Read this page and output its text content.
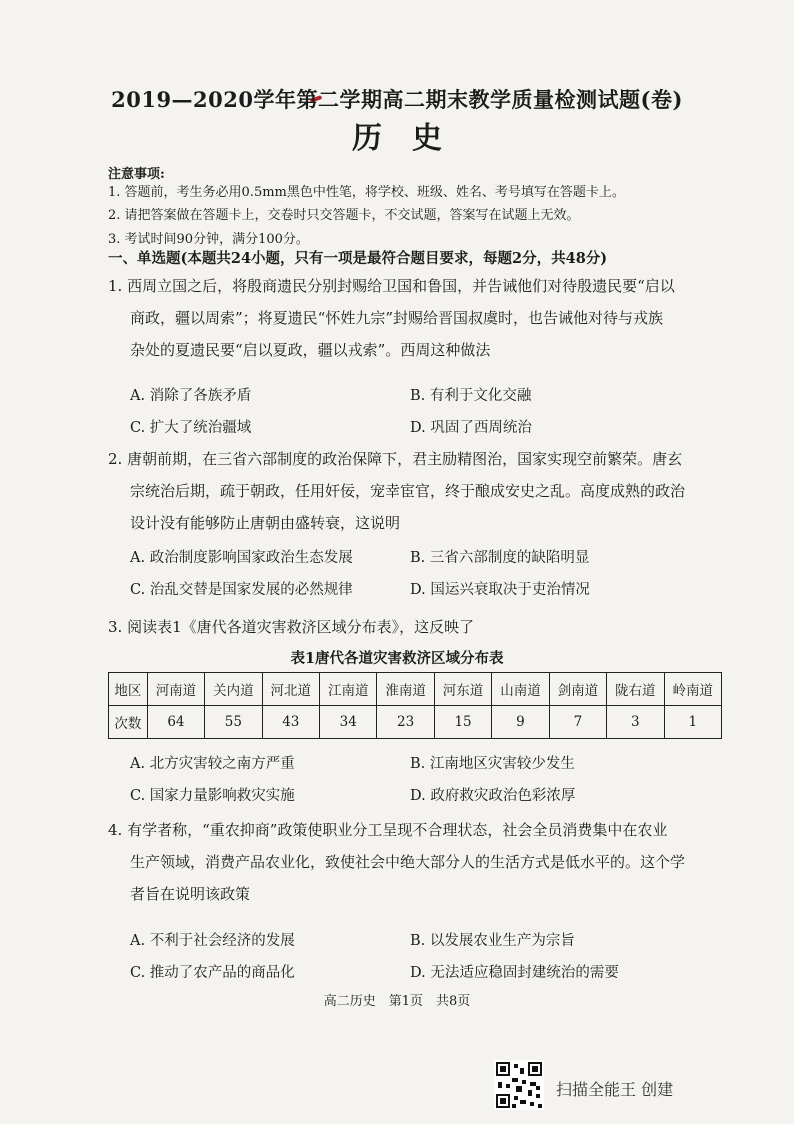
2019—2020学年第二学期高二期末教学质量检测试题(卷)
历史
注意事项:
1. 答题前，考生务必用0.5mm黑色中性笔，将学校、班级、姓名、考号填写在答题卡上。
2. 请把答案做在答题卡上，交卷时只交答题卡，不交试题，答案写在试题上无效。
3. 考试时间90分钟，满分100分。
一、单选题(本题共24小题，只有一项是最符合题目要求，每题2分，共48分)

1. 西周立国之后，将殷商遗民分别封赐给卫国和鲁国，并告诫他们对待殷遗民要“启以

商政，疆以周索”；将夏遗民“怀姓九宗”封赐给晋国叔虞时，也告诫他对待与戎族

杂处的夏遗民要“启以夏政，疆以戎索”。西周这种做法

A. 消除了各族矛盾	B. 有利于文化交融
C. 扩大了统治疆域	D. 巩固了西周统治

2. 唐朝前期，在三省六部制度的政治保障下，君主励精图治，国家实现空前繁荣。唐玄

宗统治后期，疏于朝政，任用奸佞，宠幸宦官，终于酿成安史之乱。高度成熟的政治

设计没有能够防止唐朝由盛转衰，这说明

A. 政治制度影响国家政治生态发展	B. 三省六部制度的缺陷明显
C. 治乱交替是国家发展的必然规律	D. 国运兴衰取决于吏治情况

3. 阅读表1《唐代各道灾害救济区域分布表》，这反映了

表1唐代各道灾害救济区域分布表
地区	河南道	关内道	河北道	江南道	淮南道	河东道	山南道	剑南道	陇右道	岭南道
次数	64	55	43	34	23	15	9	7	3	1
A. 北方灾害较之南方严重	B. 江南地区灾害较少发生
C. 国家力量影响救灾实施	D. 政府救灾政治色彩浓厚

4. 有学者称，“重农抑商”政策使职业分工呈现不合理状态，社会全员消费集中在农业

生产领域，消费产品农业化，致使社会中绝大部分人的生活方式是低水平的。这个学

者旨在说明该政策

A. 不利于社会经济的发展	B. 以发展农业生产为宗旨
C. 推动了农产品的商品化	D. 无法适应稳固封建统治的需要
高二历史　第1页　共8页
扫描全能王 创建
